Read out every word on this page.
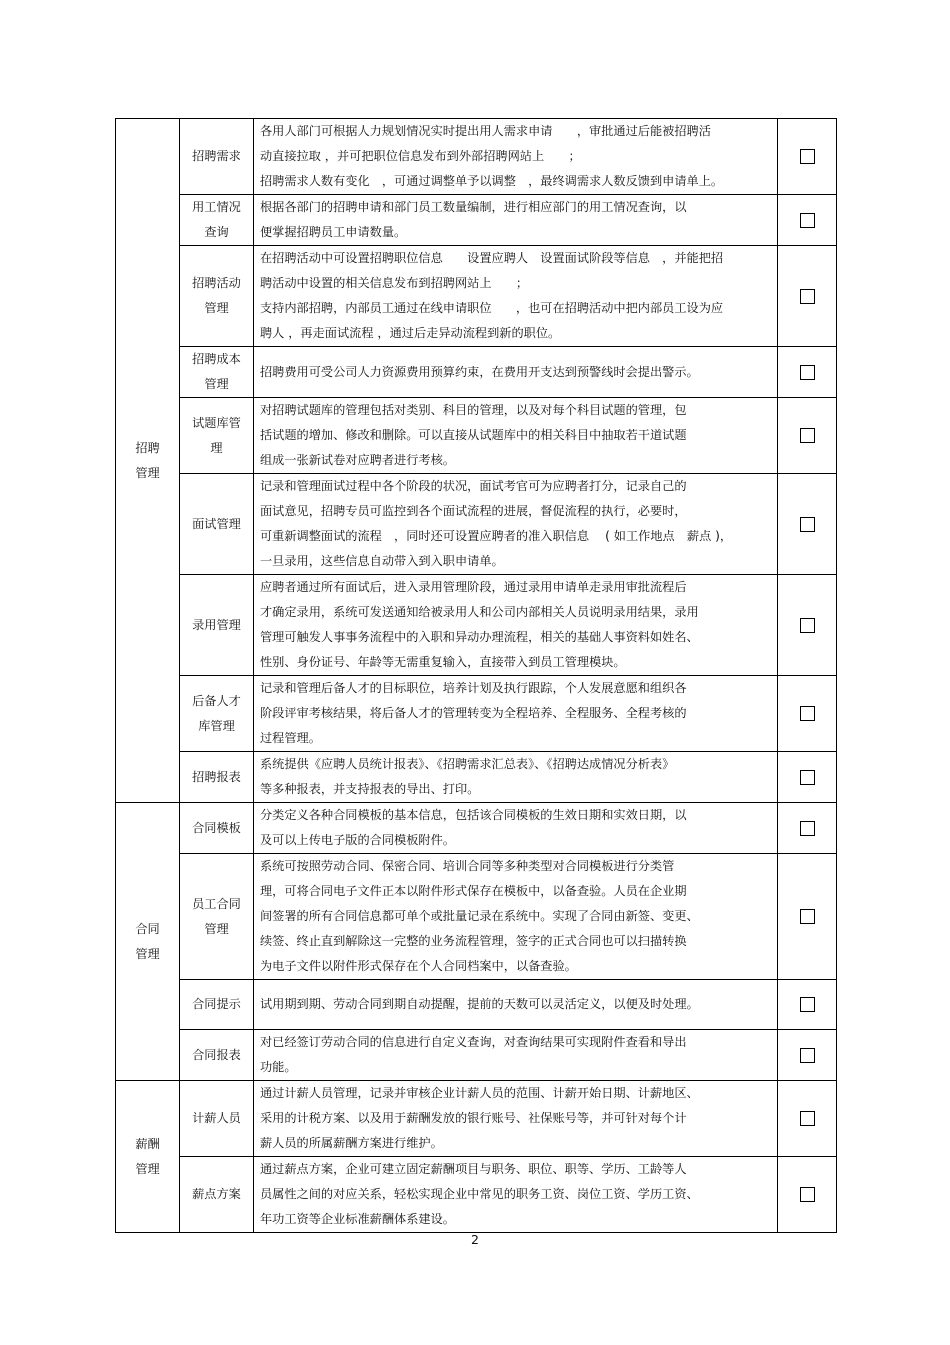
招聘
管理	招聘需求	各用人部门可根据人力规划情况实时提出用人需求申请　　，审批通过后能被招聘活
动直接拉取 ，并可把职位信息发布到外部招聘网站上　　；
招聘需求人数有变化　，可通过调整单予以调整　，最终调需求人数反馈到申请单上。	

	用工情况
查询	根据各部门的招聘申请和部门员工数量编制，进行相应部门的用工情况查询，以
便掌握招聘员工申请数量。	

	招聘活动
管理	在招聘活动中可设置招聘职位信息　　设置应聘人　设置面试阶段等信息　，并能把招
聘活动中设置的相关信息发布到招聘网站上　　；
支持内部招聘，内部员工通过在线申请职位　　，也可在招聘活动中把内部员工设为应
聘人 ，再走面试流程 ，通过后走异动流程到新的职位。	

	招聘成本
管理	招聘费用可受公司人力资源费用预算约束，在费用开支达到预警线时会提出警示。	

	试题库管
理	对招聘试题库的管理包括对类别、科目的管理，以及对每个科目试题的管理，包
括试题的增加、修改和删除。可以直接从试题库中的相关科目中抽取若干道试题
组成一张新试卷对应聘者进行考核。	

	面试管理	记录和管理面试过程中各个阶段的状况，面试考官可为应聘者打分，记录自己的
面试意见，招聘专员可监控到各个面试流程的进展，督促流程的执行，必要时，
可重新调整面试的流程　，同时还可设置应聘者的准入职信息　 ( 如工作地点　薪点 )，
一旦录用，这些信息自动带入到入职申请单。	

	录用管理	应聘者通过所有面试后，进入录用管理阶段，通过录用申请单走录用审批流程后
才确定录用，系统可发送通知给被录用人和公司内部相关人员说明录用结果，录用
管理可触发人事事务流程中的入职和异动办理流程，相关的基础人事资料如姓名、
性别、身份证号、年龄等无需重复输入，直接带入到员工管理模块。	

	后备人才
库管理	记录和管理后备人才的目标职位，培养计划及执行跟踪，个人发展意愿和组织各
阶段评审考核结果，将后备人才的管理转变为全程培养、全程服务、全程考核的
过程管理。	

	招聘报表	系统提供《应聘人员统计报表》、《招聘需求汇总表》、《招聘达成情况分析表》
等多种报表，并支持报表的导出、打印。	

合同
管理	合同模板	分类定义各种合同模板的基本信息，包括该合同模板的生效日期和实效日期，以
及可以上传电子版的合同模板附件。	

	员工合同
管理	系统可按照劳动合同、保密合同、培训合同等多种类型对合同模板进行分类管
理，可将合同电子文件正本以附件形式保存在模板中，以备查验。人员在企业期
间签署的所有合同信息都可单个或批量记录在系统中。实现了合同由新签、变更、
续签、终止直到解除这一完整的业务流程管理，签字的正式合同也可以扫描转换
为电子文件以附件形式保存在个人合同档案中，以备查验。	

	合同提示	试用期到期、劳动合同到期自动提醒，提前的天数可以灵活定义，以便及时处理。	

	合同报表	对已经签订劳动合同的信息进行自定义查询，对查询结果可实现附件查看和导出
功能。	

薪酬
管理	计薪人员	通过计薪人员管理，记录并审核企业计薪人员的范围、计薪开始日期、计薪地区、
采用的计税方案、以及用于薪酬发放的银行账号、社保账号等，并可针对每个计
薪人员的所属薪酬方案进行维护。	

	薪点方案	通过薪点方案，企业可建立固定薪酬项目与职务、职位、职等、学历、工龄等人
员属性之间的对应关系，轻松实现企业中常见的职务工资、岗位工资、学历工资、
年功工资等企业标准薪酬体系建设。	

2
